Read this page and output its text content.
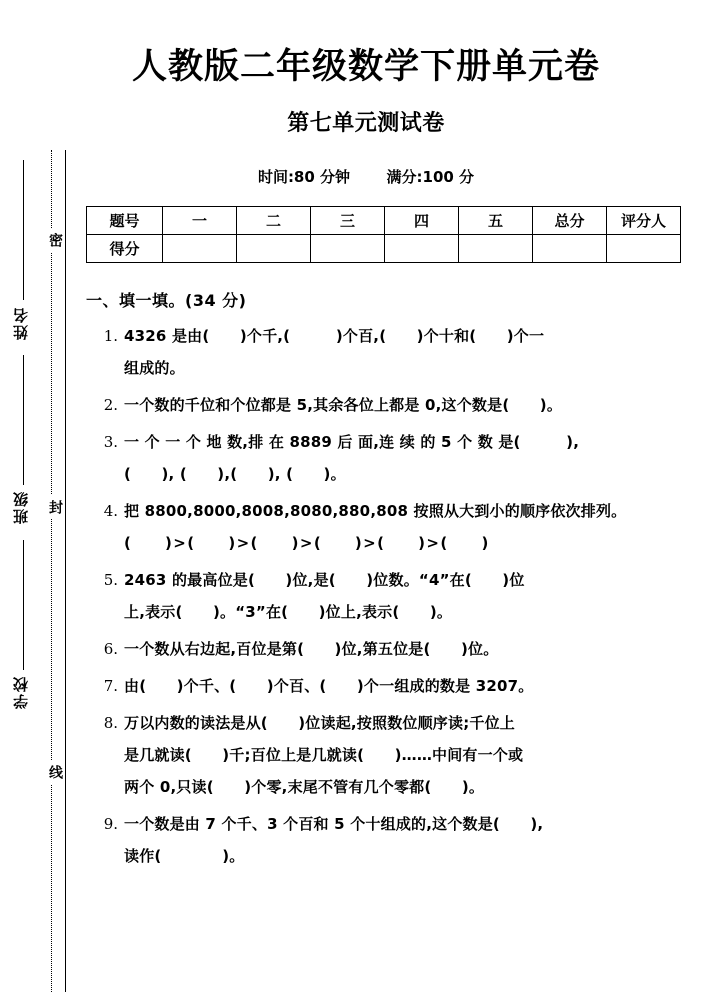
密
封
线
姓名
班级
学校
人教版二年级数学下册单元卷
第七单元测试卷
时间:80 分钟 满分:100 分
题号	一	二	三	四	五	总分	评分人
得分							
一、填一填。(34 分)
1. 4326 是由(　　)个千,(　　　)个百,(　　)个十和(　　)个一
组成的。
2. 一个数的千位和个位都是 5,其余各位上都是 0,这个数是(　　)。
3. 一 个 一 个 地 数,排 在 8889 后 面,连 续 的 5 个 数 是(　　　),
(　　), (　　),(　　), (　　)。
4. 把 8800,8000,8008,8080,880,808 按照从大到小的顺序依次排列。
(　　)>(　　)>(　　)>(　　)>(　　)>(　　)
5. 2463 的最高位是(　　)位,是(　　)位数。“4”在(　　)位
上,表示(　　)。“3”在(　　)位上,表示(　　)。
6. 一个数从右边起,百位是第(　　)位,第五位是(　　)位。
7. 由(　　)个千、(　　)个百、(　　)个一组成的数是 3207。
8. 万以内数的读法是从(　　)位读起,按照数位顺序读;千位上
是几就读(　　)千;百位上是几就读(　　)……中间有一个或
两个 0,只读(　　)个零,末尾不管有几个零都(　　)。
9. 一个数是由 7 个千、3 个百和 5 个十组成的,这个数是(　　),
读作(　　　　)。
